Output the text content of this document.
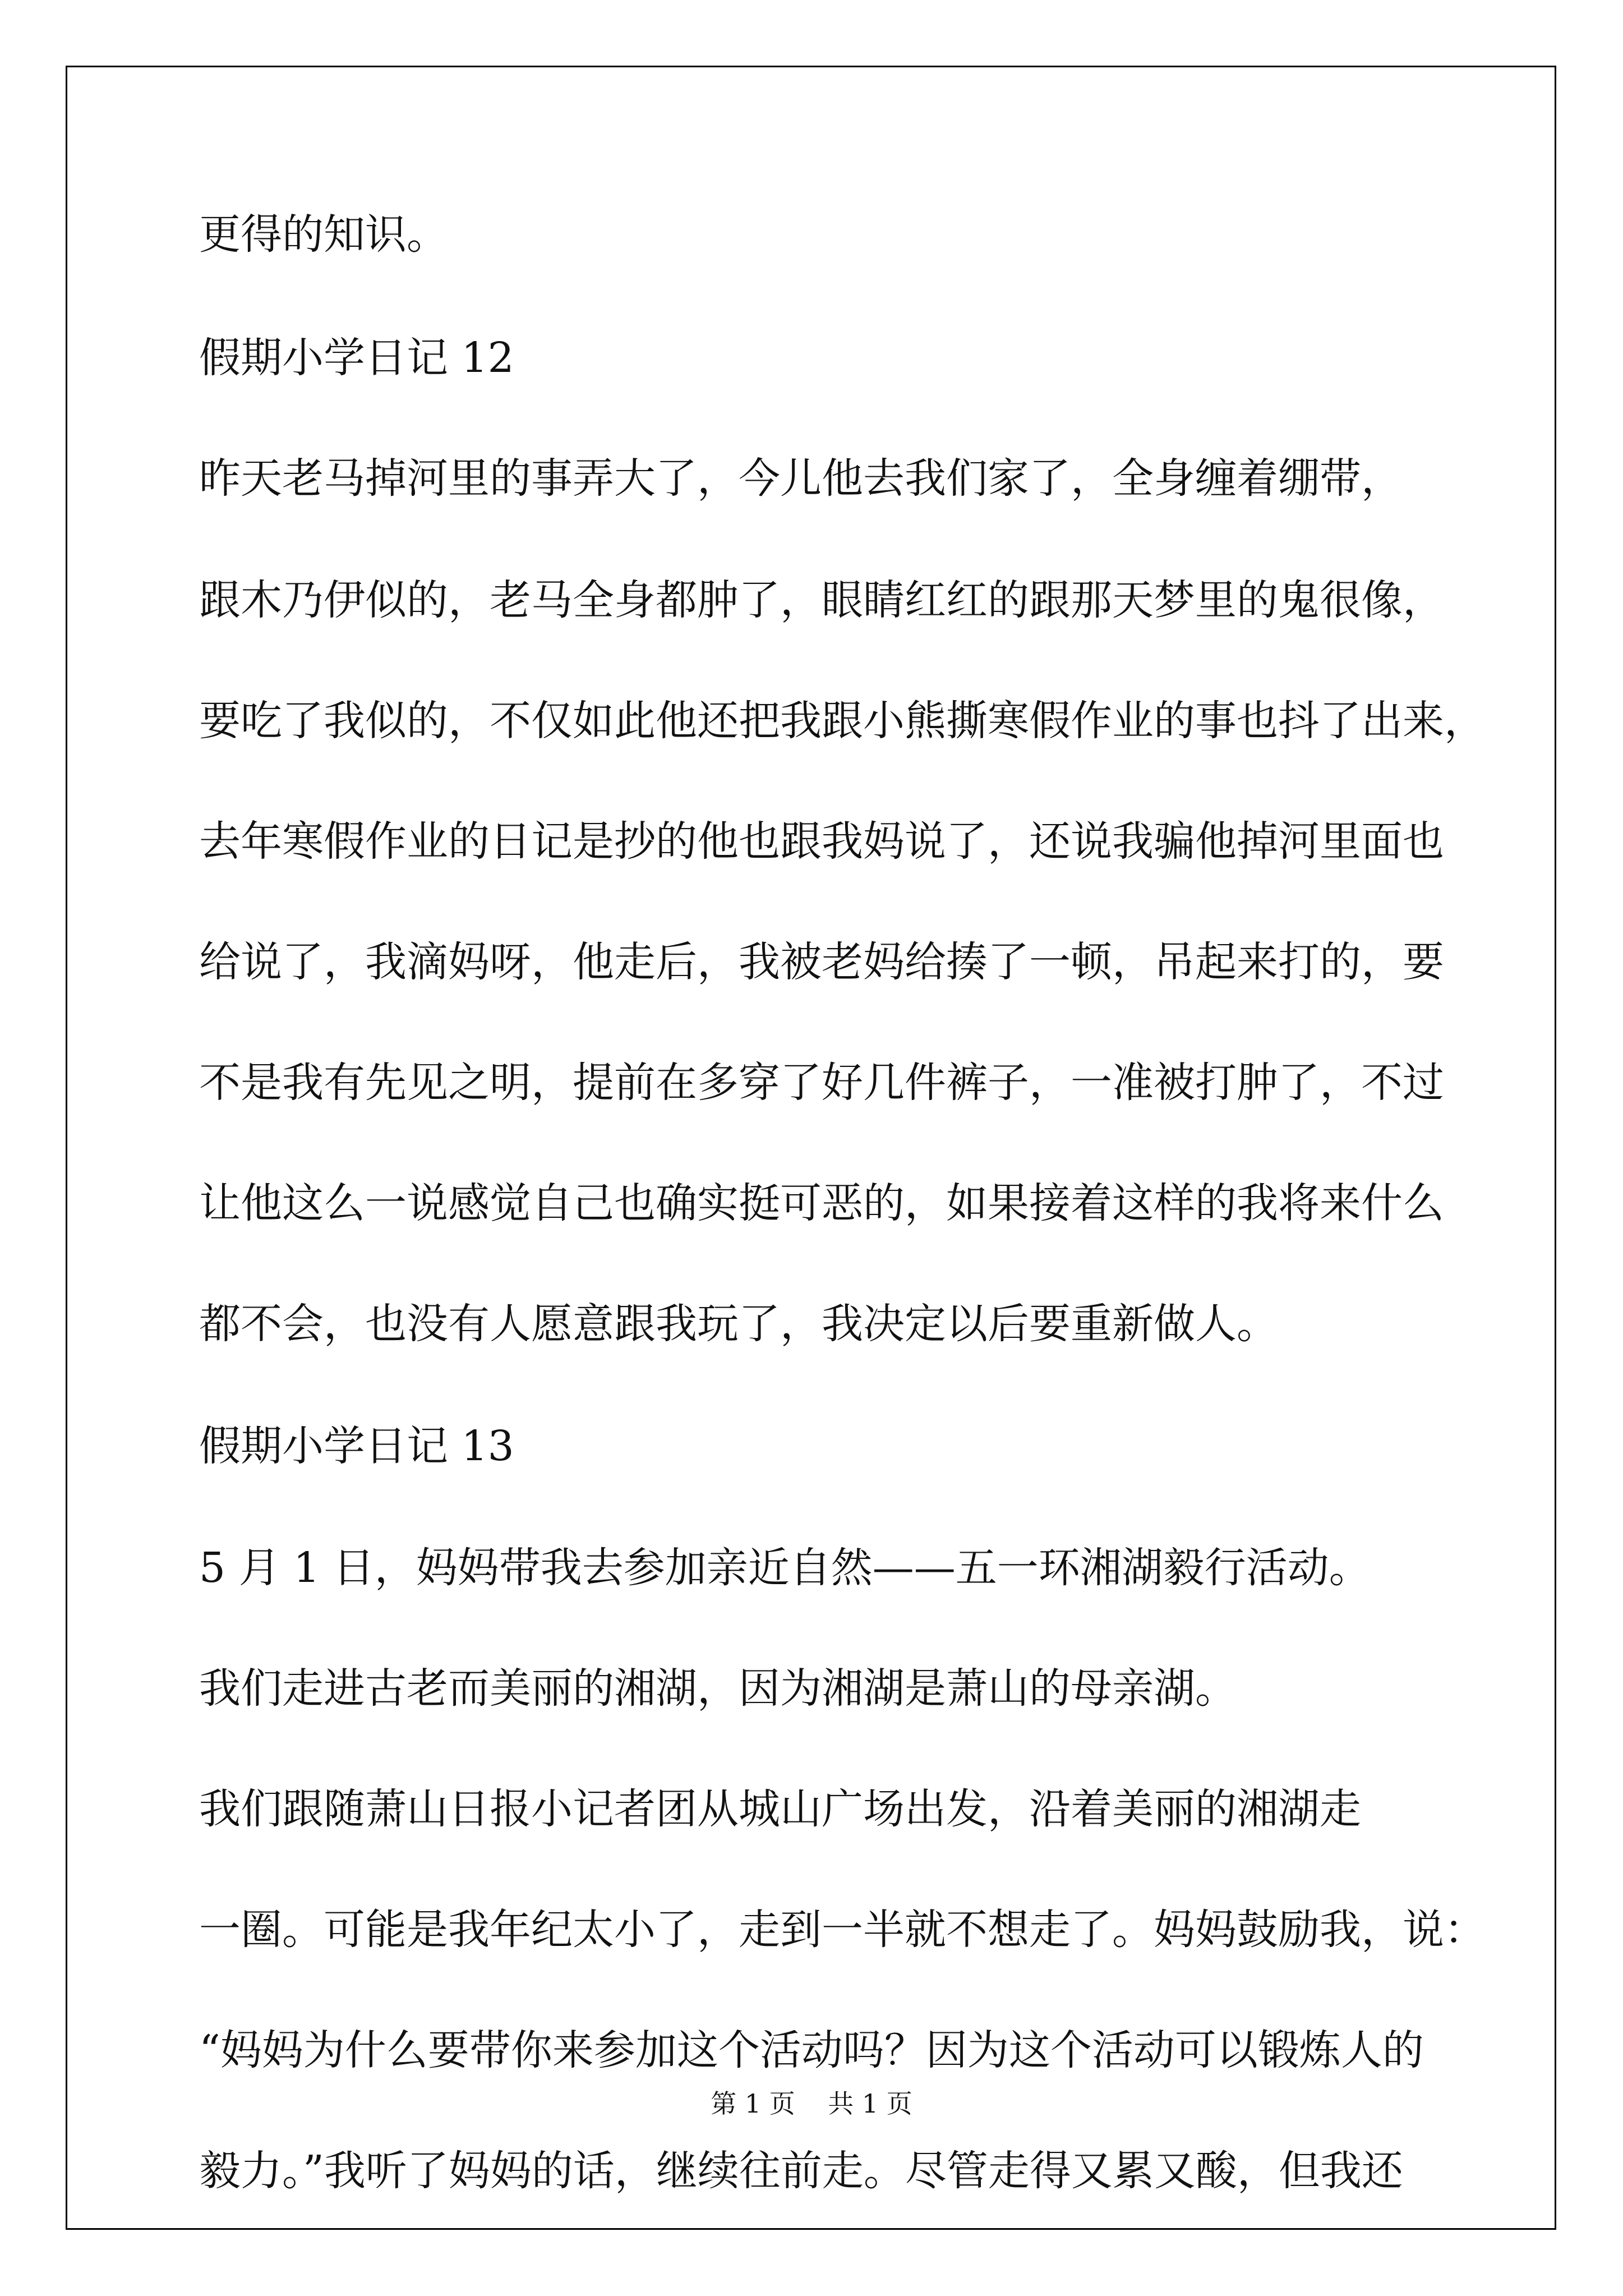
更得的知识。

假期小学日记 12

昨天老马掉河里的事弄大了，今儿他去我们家了，全身缠着绷带，

跟木乃伊似的，老马全身都肿了，眼睛红红的跟那天梦里的鬼很像，

要吃了我似的，不仅如此他还把我跟小熊撕寒假作业的事也抖了出来，

去年寒假作业的日记是抄的他也跟我妈说了，还说我骗他掉河里面也

给说了，我滴妈呀，他走后，我被老妈给揍了一顿，吊起来打的，要

不是我有先见之明，提前在多穿了好几件裤子，一准被打肿了，不过

让他这么一说感觉自己也确实挺可恶的，如果接着这样的我将来什么

都不会，也没有人愿意跟我玩了，我决定以后要重新做人。

假期小学日记 13

5 月 1 日，妈妈带我去参加亲近自然——五一环湘湖毅行活动。

我们走进古老而美丽的湘湖，因为湘湖是萧山的母亲湖。

我们跟随萧山日报小记者团从城山广场出发，沿着美丽的湘湖走

一圈。可能是我年纪太小了，走到一半就不想走了。妈妈鼓励我，说：

“妈妈为什么要带你来参加这个活动吗？因为这个活动可以锻炼人的

毅力。”我听了妈妈的话，继续往前走。尽管走得又累又酸，但我还

第 1 页    共 1 页
